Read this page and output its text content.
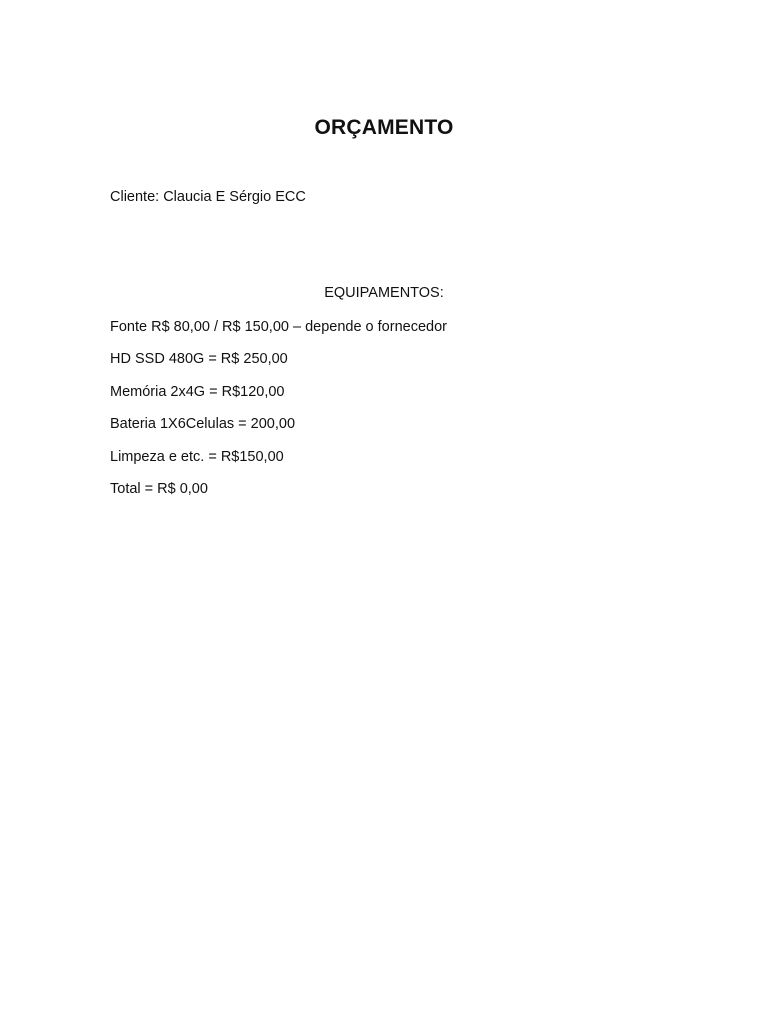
ORÇAMENTO
Cliente: Claucia E Sérgio ECC
EQUIPAMENTOS:
Fonte R$ 80,00 / R$ 150,00 – depende o fornecedor
HD SSD 480G = R$ 250,00
Memória 2x4G = R$120,00
Bateria 1X6Celulas = 200,00
Limpeza e etc. = R$150,00
Total = R$ 0,00
